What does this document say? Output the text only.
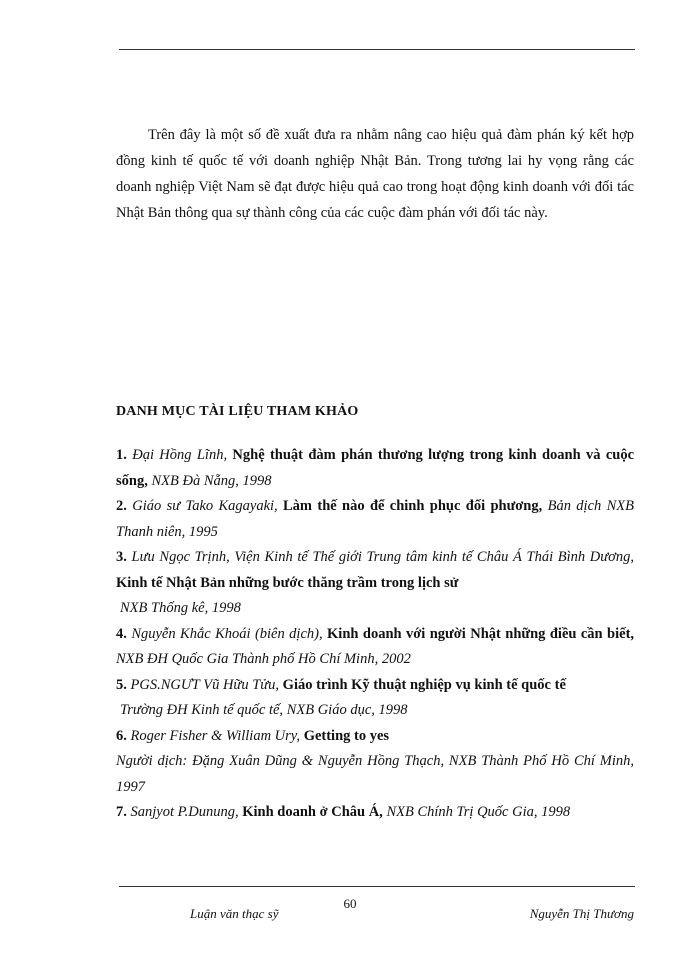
Trên đây là một số đề xuất đưa ra nhằm nâng cao hiệu quả đàm phán ký kết hợp đồng kinh tế quốc tế với doanh nghiệp Nhật Bản. Trong tương lai hy vọng rằng các doanh nghiệp Việt Nam sẽ đạt được hiệu quả cao trong hoạt động kinh doanh với đối tác Nhật Bản thông qua sự thành công của các cuộc đàm phán với đối tác này.

DANH MỤC TÀI LIỆU THAM KHẢO

1. Đại Hồng Lĩnh, Nghệ thuật đàm phán thương lượng trong kinh doanh và cuộc sống, NXB Đà Nẵng, 1998

2. Giáo sư Tako Kagayaki, Làm thế nào để chinh phục đối phương, Bản dịch NXB Thanh niên, 1995

3. Lưu Ngọc Trịnh, Viện Kinh tế Thế giới Trung tâm kinh tế Châu Á Thái Bình Dương, Kinh tế Nhật Bản những bước thăng trầm trong lịch sử
NXB Thống kê, 1998

4. Nguyễn Khắc Khoái (biên dịch), Kinh doanh với người Nhật những điều cần biết, NXB ĐH Quốc Gia Thành phố Hồ Chí Minh, 2002

5. PGS.NGƯT Vũ Hữu Tửu, Giáo trình Kỹ thuật nghiệp vụ kinh tế quốc tế
Trường ĐH Kinh tế quốc tế, NXB Giáo dục, 1998

6. Roger Fisher & William Ury, Getting to yes
Người dịch: Đặng Xuân Dũng & Nguyễn Hồng Thạch, NXB Thành Phố Hồ Chí Minh, 1997

7. Sanjyot P.Dunung, Kinh doanh ở Châu Á, NXB Chính Trị Quốc Gia, 1998

60
Luận văn thạc sỹ	Nguyễn Thị Thương
